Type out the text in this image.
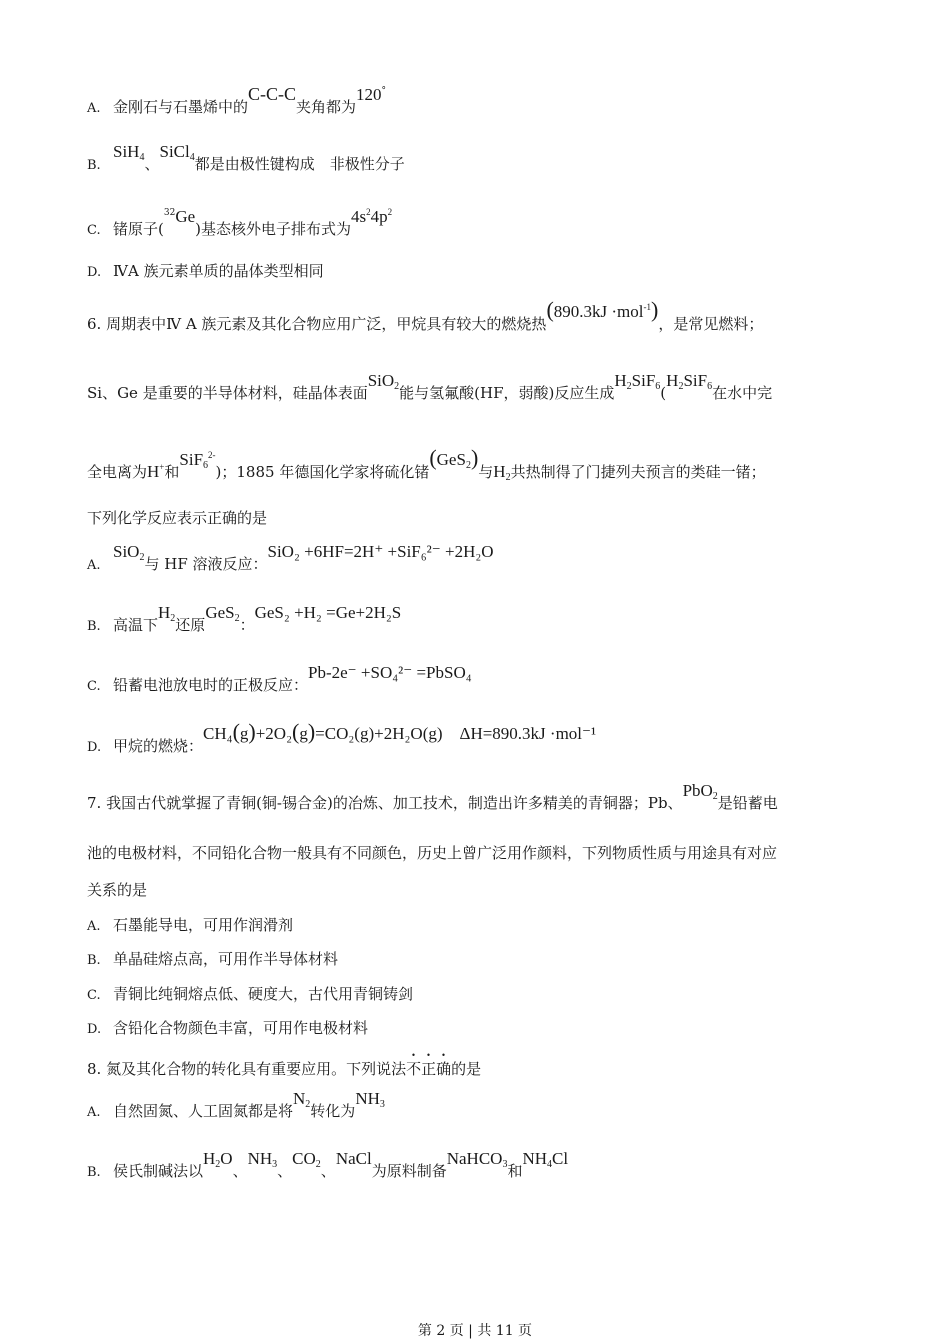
A. 金刚石与石墨烯中的C-C-C夹角都为120°
B.SiH$_4$、SiCl$_4$都是由极性键构成　非极性分子
C. 锗原子($^{32}$Ge)基态核外电子排布式为$4s^24p^2$
D. ⅣA 族元素单质的晶体类型相同
6. 周期表中Ⅳ A 族元素及其化合物应用广泛，甲烷具有较大的燃烧热(890.3kJ ·mol$^{-1}$)，是常见燃料；
Si、Ge 是重要的半导体材料，硅晶体表面SiO$_2$能与氢氟酸(HF，弱酸)反应生成$H_2SiF_6(H_2SiF_6$在水中完
全电离为H+和SiF$_6^{2-}$)；1885 年德国化学家将硫化锗(GeS$_2$)与$H_2$共热制得了门捷列夫预言的类硅一锗；
下列化学反应表示正确的是
A.SiO$_2$与 HF 溶液反应：SiO₂ +6HF=2H⁺ +SiF₆²⁻ +2H₂O
B. 高温下$H_2$还原GeS$_2$：GeS₂ +H₂ =Ge+2H₂S
C. 铅蓄电池放电时的正极反应：Pb-2e⁻ +SO₄²⁻ =PbSO₄
D. 甲烷的燃烧：CH₄(g)+2O₂(g)=CO₂(g)+2H₂O(g)　ΔH=890.3kJ ·mol⁻¹
7. 我国古代就掌握了青铜(铜-锡合金)的冶炼、加工技术，制造出许多精美的青铜器；Pb、PbO$_2$是铅蓄电
池的电极材料，不同铅化合物一般具有不同颜色，历史上曾广泛用作颜料，下列物质性质与用途具有对应
关系的是
A. 石墨能导电，可用作润滑剂
B. 单晶硅熔点高，可用作半导体材料
C. 青铜比纯铜熔点低、硬度大，古代用青铜铸剑
D. 含铅化合物颜色丰富，可用作电极材料
8. 氮及其化合物的转化具有重要应用。下列说法不正确的是
A. 自然固氮、人工固氮都是将$N_2$转化为$NH_3$
B. 侯氏制碱法以$H_2O$、$NH_3$、$CO_2$、NaCl为原料制备NaHCO$_3$和$NH_4Cl$
第 2 页 | 共 11 页
